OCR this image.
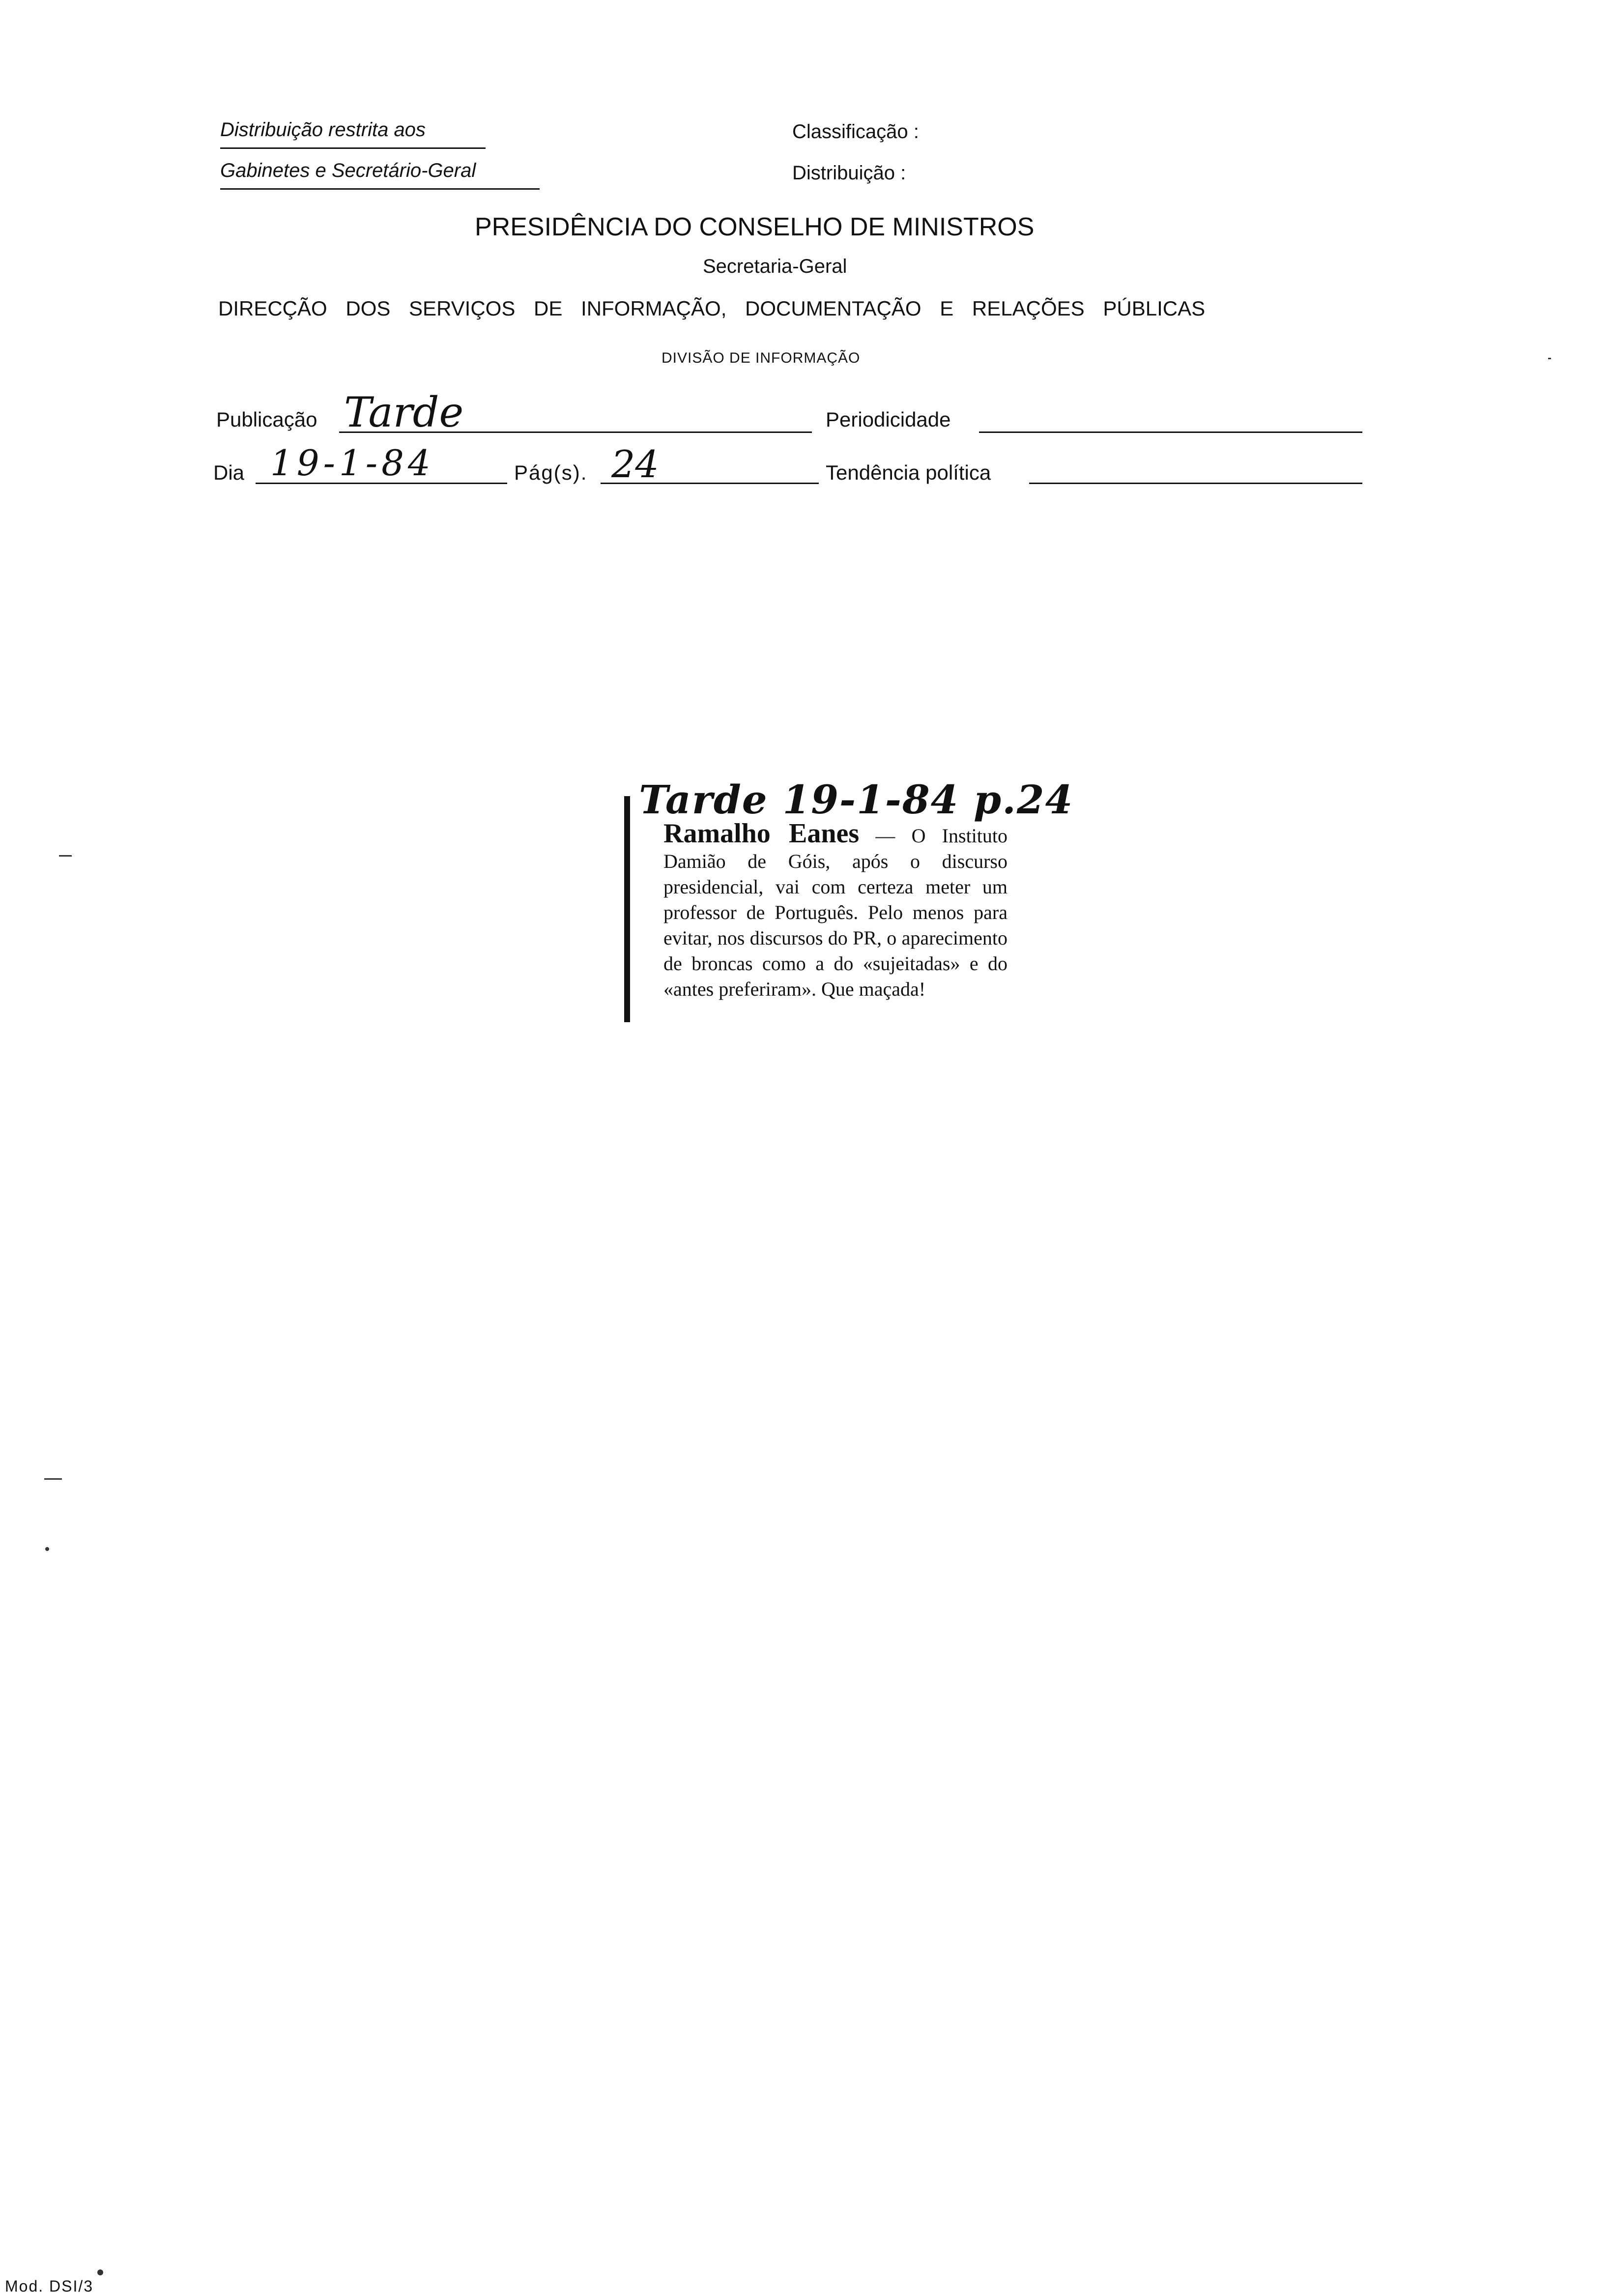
Distribuição restrita aos
Gabinetes e Secretário-Geral
Classificação :
Distribuição :
PRESIDÊNCIA DO CONSELHO DE MINISTROS
Secretaria-Geral
DIRECÇÃO DOS SERVIÇOS DE INFORMAÇÃO, DOCUMENTAÇÃO E RELAÇÕES PÚBLICAS
DIVISÃO DE INFORMAÇÃO
Publicação Tarde	Periodicidade
Dia 19-1-84	Pág(s). 24	Tendência política
Tarde 19-1-84 p.24
Ramalho Eanes — O Instituto Damião de Góis, após o discurso presidencial, vai com certeza meter um professor de Português. Pelo menos para evitar, nos discursos do PR, o aparecimento de broncas como a do «sujeitadas» e do «antes preferiram». Que maçada!
Mod. DSI/3
